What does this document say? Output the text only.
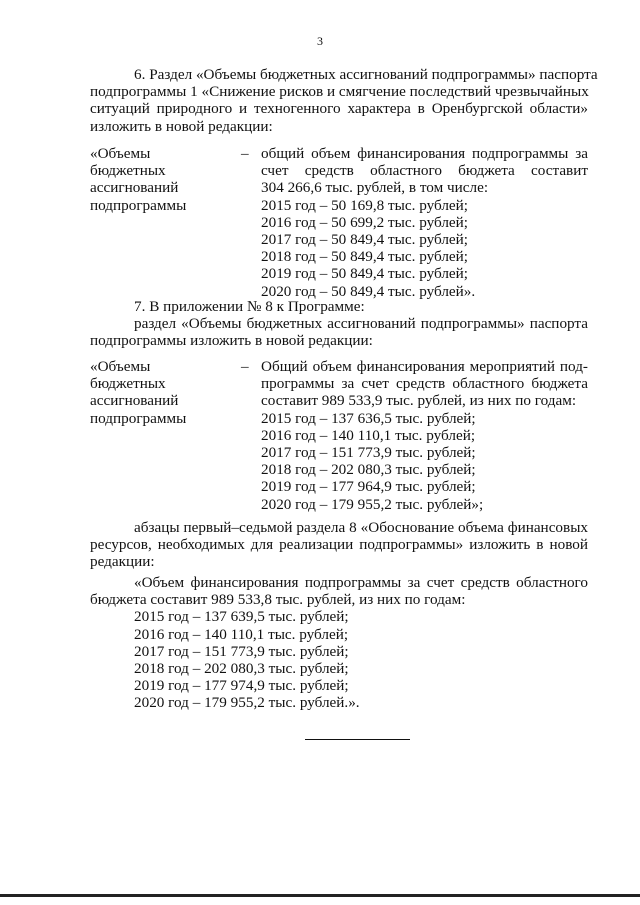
3
6. Раздел «Объемы бюджетных ассигнований подпрограммы» паспорта
подпрограммы 1 «Снижение рисков и смягчение последствий чрезвычайных
ситуаций природного и техногенного характера в Оренбургской области»
изложить в новой редакции:
«Объемы
бюджетных
ассигнований
подпрограммы
– общий объем финансирования подпрограммы за
счет средств областного бюджета составит
304 266,6 тыс. рублей, в том числе:
2015 год – 50 169,8 тыс. рублей;
2016 год – 50 699,2 тыс. рублей;
2017 год – 50 849,4 тыс. рублей;
2018 год – 50 849,4 тыс. рублей;
2019 год – 50 849,4 тыс. рублей;
2020 год – 50 849,4 тыс. рублей».
7. В приложении № 8 к Программе:
раздел «Объемы бюджетных ассигнований подпрограммы» паспорта
подпрограммы изложить в новой редакции:
«Объемы
бюджетных
ассигнований
подпрограммы
– Общий объем финансирования мероприятий под-
программы за счет средств областного бюджета
составит 989 533,9 тыс. рублей, из них по годам:
2015 год – 137 636,5 тыс. рублей;
2016 год – 140 110,1 тыс. рублей;
2017 год – 151 773,9 тыс. рублей;
2018 год – 202 080,3 тыс. рублей;
2019 год – 177 964,9 тыс. рублей;
2020 год – 179 955,2 тыс. рублей»;
абзацы первый–седьмой раздела 8 «Обоснование объема финансовых
ресурсов, необходимых для реализации подпрограммы» изложить в новой
редакции:
«Объем финансирования подпрограммы за счет средств областного
бюджета составит 989 533,8 тыс. рублей, из них по годам:
2015 год – 137 639,5 тыс. рублей;
2016 год – 140 110,1 тыс. рублей;
2017 год – 151 773,9 тыс. рублей;
2018 год – 202 080,3 тыс. рублей;
2019 год – 177 974,9 тыс. рублей;
2020 год – 179 955,2 тыс. рублей.».
